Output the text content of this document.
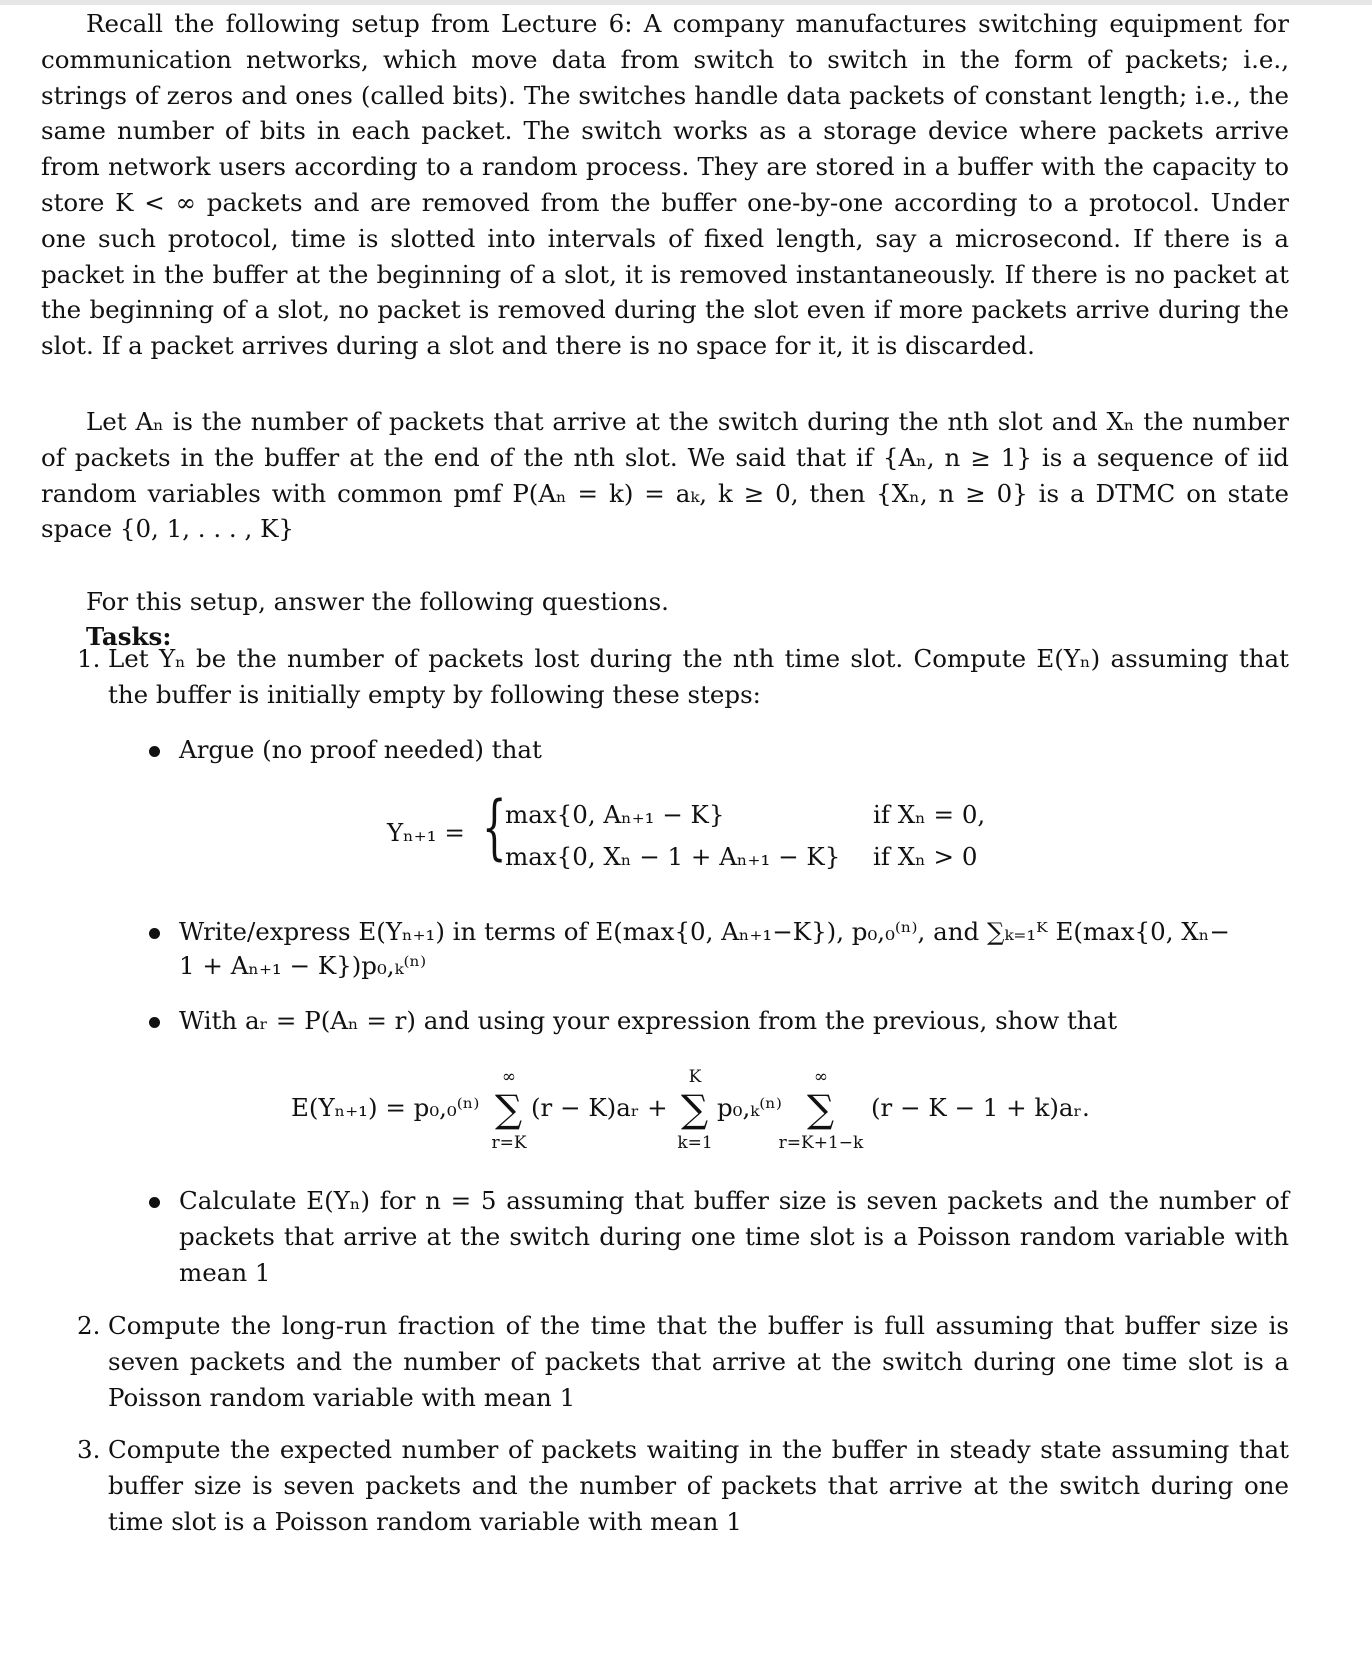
Recall the following setup from Lecture 6: A company manufactures switching equipment for communication networks, which move data from switch to switch in the form of packets; i.e., strings of zeros and ones (called bits). The switches handle data packets of constant length; i.e., the same number of bits in each packet. The switch works as a storage device where packets arrive from network users according to a random process. They are stored in a buffer with the capacity to store K < ∞ packets and are removed from the buffer one-by-one according to a protocol. Under one such protocol, time is slotted into intervals of fixed length, say a microsecond. If there is a packet in the buffer at the beginning of a slot, it is removed instantaneously. If there is no packet at the beginning of a slot, no packet is removed during the slot even if more packets arrive during the slot. If a packet arrives during a slot and there is no space for it, it is discarded.

Let Aₙ is the number of packets that arrive at the switch during the nth slot and Xₙ the number of packets in the buffer at the end of the nth slot. We said that if {Aₙ, n ≥ 1} is a sequence of iid random variables with common pmf P(Aₙ = k) = aₖ, k ≥ 0, then {Xₙ, n ≥ 0} is a DTMC on state space {0, 1, . . . , K}

For this setup, answer the following questions.

Tasks:
1. Let Yₙ be the number of packets lost during the nth time slot. Compute E(Yₙ) assuming that the buffer is initially empty by following these steps:

Argue (no proof needed) that
Yₙ₊₁ = {
max{0, Aₙ₊₁ − K}	if Xₙ = 0,
max{0, Xₙ − 1 + Aₙ₊₁ − K} if Xₙ > 0
Write/express E(Yₙ₊₁) in terms of E(max{0, Aₙ₊₁−K}), p₀,₀⁽ⁿ⁾, and ∑ₖ₌₁ᴷ E(max{0, Xₙ−
1 + Aₙ₊₁ − K})p₀,ₖ⁽ⁿ⁾
With aᵣ = P(Aₙ = r) and using your expression from the previous, show that
E(Yₙ₊₁) = p₀,₀⁽ⁿ⁾
∞
∑
r=K
(r − K)aᵣ +
K
∑
k=1
p₀,ₖ⁽ⁿ⁾
∞
∑
r=K+1−k
(r − K − 1 + k)aᵣ.

Calculate E(Yₙ) for n = 5 assuming that buffer size is seven packets and the number of packets that arrive at the switch during one time slot is a Poisson random variable with mean 1

2. Compute the long-run fraction of the time that the buffer is full assuming that buffer size is seven packets and the number of packets that arrive at the switch during one time slot is a Poisson random variable with mean 1

3. Compute the expected number of packets waiting in the buffer in steady state assuming that buffer size is seven packets and the number of packets that arrive at the switch during one time slot is a Poisson random variable with mean 1
